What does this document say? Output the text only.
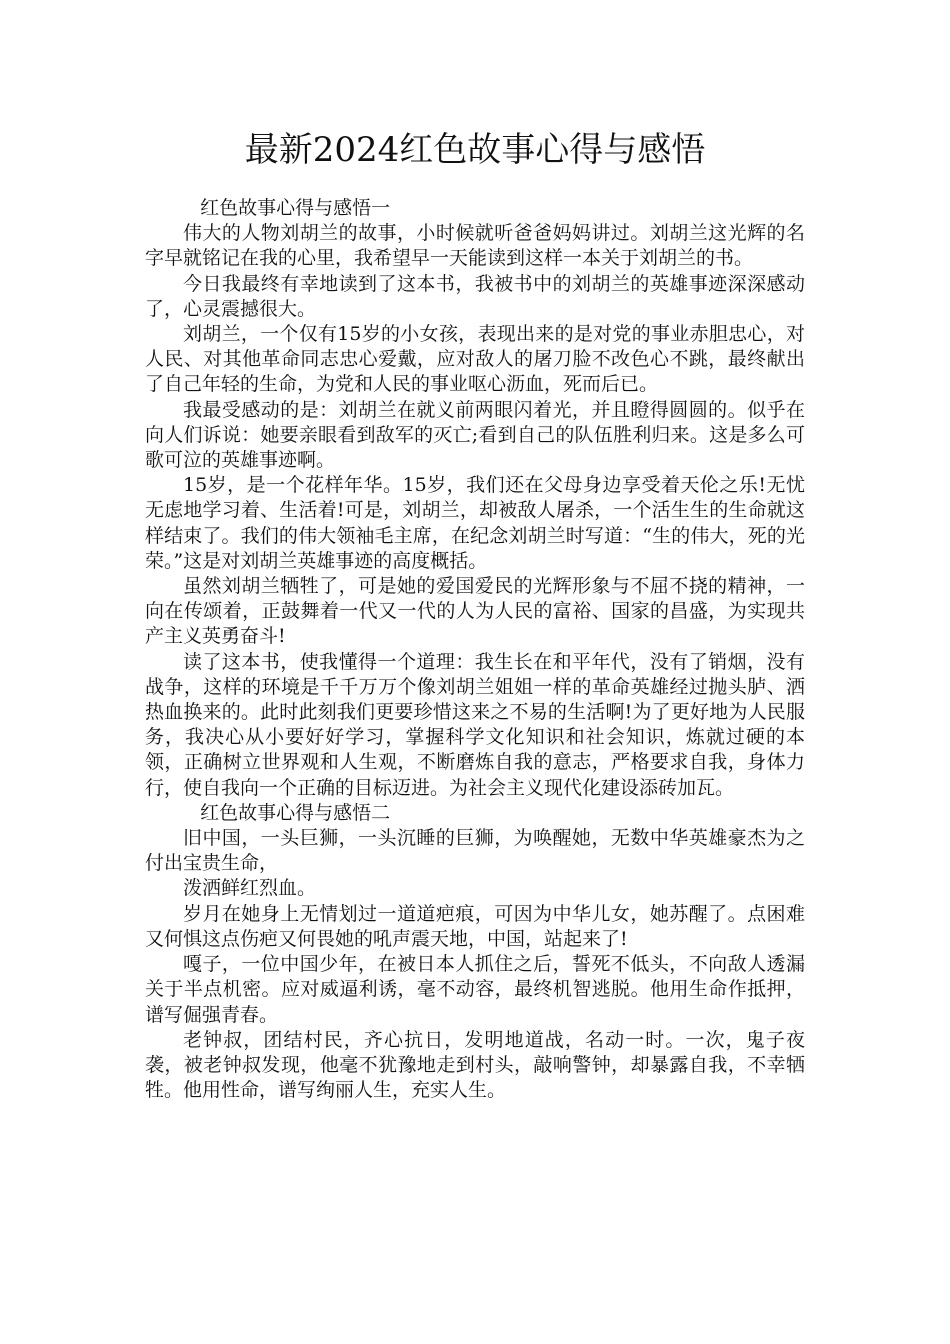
最新2024红色故事心得与感悟

红色故事心得与感悟一

伟大的人物刘胡兰的故事，小时候就听爸爸妈妈讲过。刘胡兰这光辉的名字早就铭记在我的心里，我希望早一天能读到这样一本关于刘胡兰的书。

今日我最终有幸地读到了这本书，我被书中的刘胡兰的英雄事迹深深感动了，心灵震撼很大。

刘胡兰，一个仅有15岁的小女孩，表现出来的是对党的事业赤胆忠心，对人民、对其他革命同志忠心爱戴，应对敌人的屠刀脸不改色心不跳，最终献出了自己年轻的生命，为党和人民的事业呕心沥血，死而后已。

我最受感动的是：刘胡兰在就义前两眼闪着光，并且瞪得圆圆的。似乎在向人们诉说：她要亲眼看到敌军的灭亡;看到自己的队伍胜利归来。这是多么可歌可泣的英雄事迹啊。

15岁，是一个花样年华。15岁，我们还在父母身边享受着天伦之乐!无忧无虑地学习着、生活着!可是，刘胡兰，却被敌人屠杀，一个活生生的生命就这样结束了。我们的伟大领袖毛主席，在纪念刘胡兰时写道：“生的伟大，死的光荣。”这是对刘胡兰英雄事迹的高度概括。

虽然刘胡兰牺牲了，可是她的爱国爱民的光辉形象与不屈不挠的精神，一向在传颂着，正鼓舞着一代又一代的人为人民的富裕、国家的昌盛，为实现共产主义英勇奋斗!

读了这本书，使我懂得一个道理：我生长在和平年代，没有了销烟，没有战争，这样的环境是千千万万个像刘胡兰姐姐一样的革命英雄经过抛头胪、洒热血换来的。此时此刻我们更要珍惜这来之不易的生活啊!为了更好地为人民服务，我决心从小要好好学习，掌握科学文化知识和社会知识，炼就过硬的本领，正确树立世界观和人生观，不断磨炼自我的意志，严格要求自我，身体力行，使自我向一个正确的目标迈进。为社会主义现代化建设添砖加瓦。

红色故事心得与感悟二

旧中国，一头巨狮，一头沉睡的巨狮，为唤醒她，无数中华英雄豪杰为之付出宝贵生命，

泼洒鲜红烈血。

岁月在她身上无情划过一道道疤痕，可因为中华儿女，她苏醒了。点困难又何惧这点伤疤又何畏她的吼声震天地，中国，站起来了!

嘎子，一位中国少年，在被日本人抓住之后，誓死不低头，不向敌人透漏关于半点机密。应对威逼利诱，毫不动容，最终机智逃脱。他用生命作抵押，谱写倔强青春。

老钟叔，团结村民，齐心抗日，发明地道战，名动一时。一次，鬼子夜袭，被老钟叔发现，他毫不犹豫地走到村头，敲响警钟，却暴露自我，不幸牺牲。他用性命，谱写绚丽人生，充实人生。
